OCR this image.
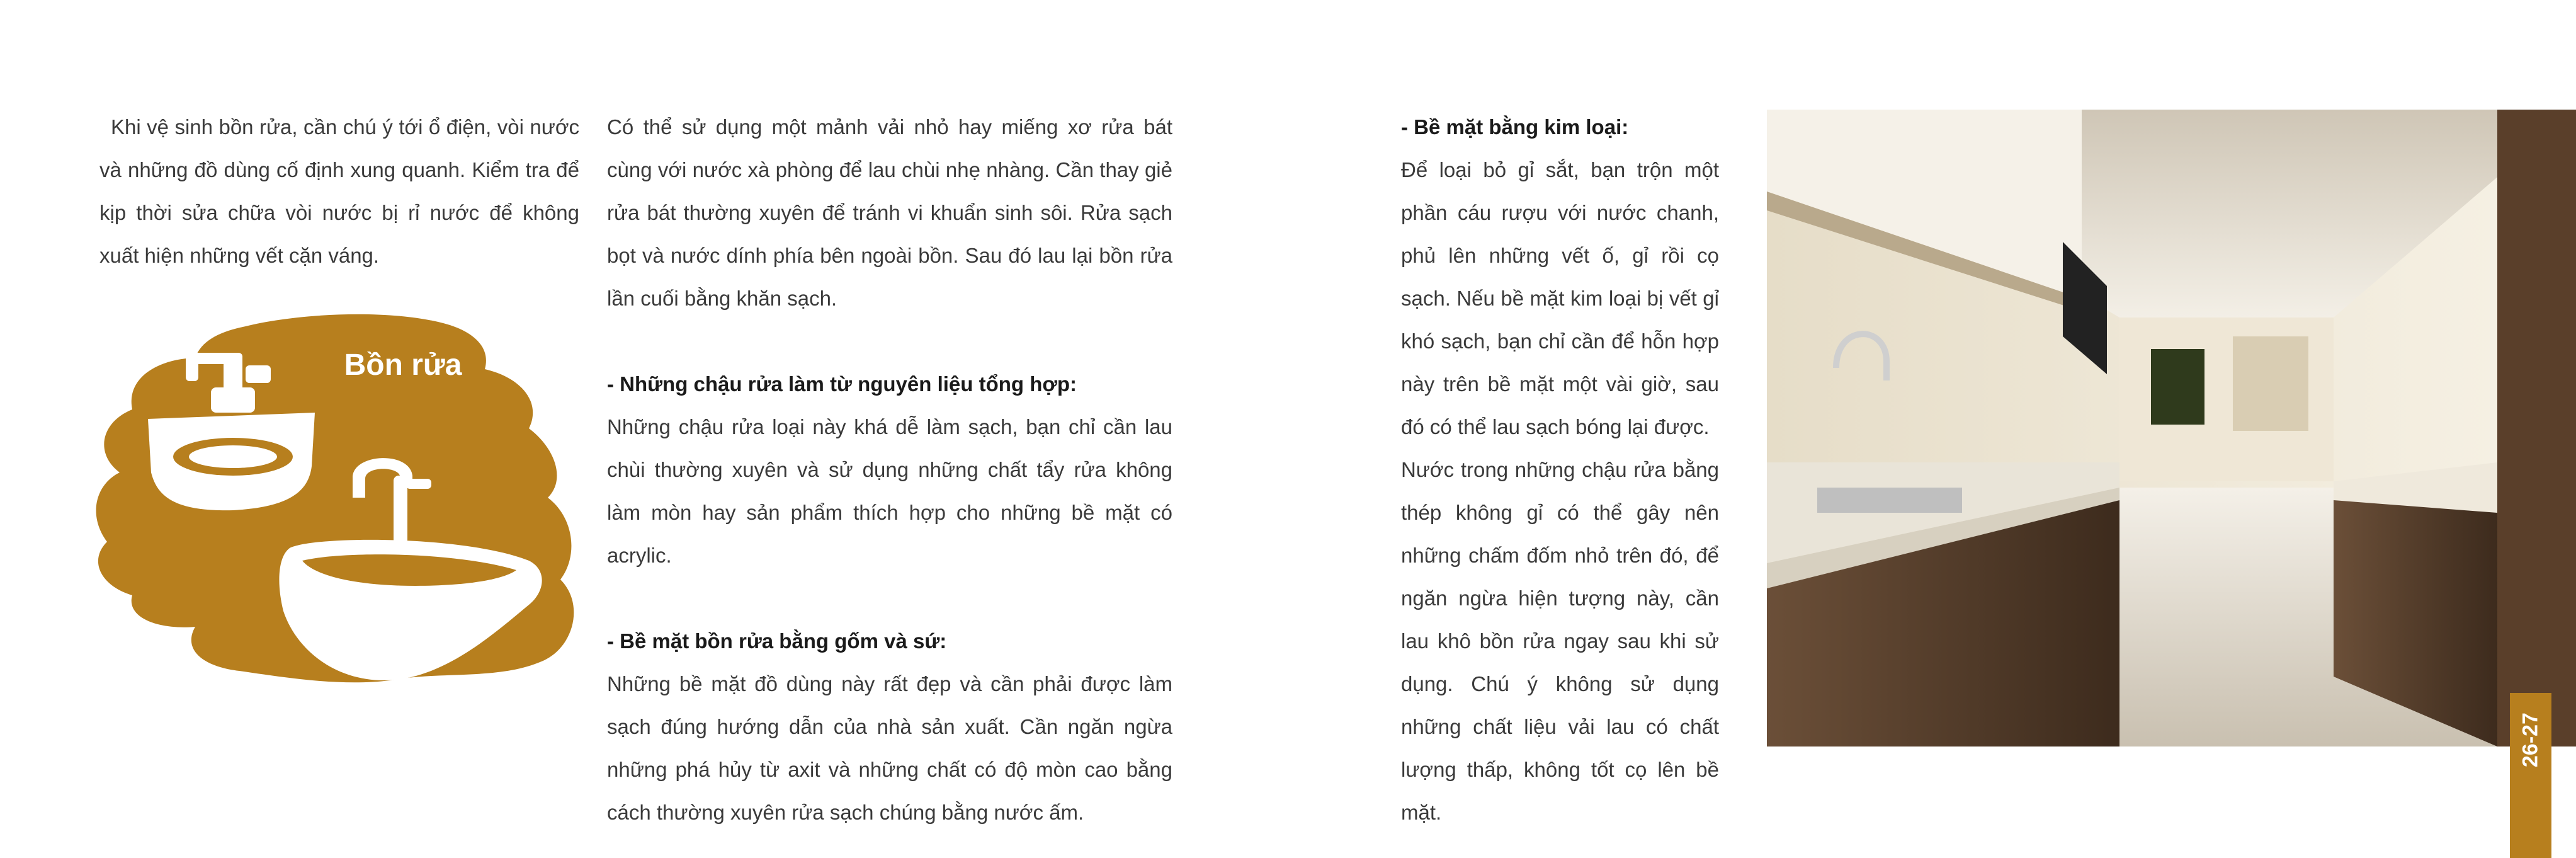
Khi vệ sinh bồn rửa, cần chú ý tới ổ điện, vòi nước và những đồ dùng cố định xung quanh. Kiểm tra để kịp thời sửa chữa vòi nước bị rỉ nước để không xuất hiện những vết cặn váng.

Bồn rửa

Có thể sử dụng một mảnh vải nhỏ hay miếng xơ rửa bát cùng với nước xà phòng để lau chùi nhẹ nhàng. Cần thay giẻ rửa bát thường xuyên để tránh vi khuẩn sinh sôi. Rửa sạch bọt và nước dính phía bên ngoài bồn. Sau đó lau lại bồn rửa lần cuối bằng khăn sạch.

- Những chậu rửa làm từ nguyên liệu tổng hợp:

Những chậu rửa loại này khá dễ làm sạch, bạn chỉ cần lau chùi thường xuyên và sử dụng những chất tẩy rửa không làm mòn hay sản phẩm thích hợp cho những bề mặt có acrylic.

- Bề mặt bồn rửa bằng gốm và sứ:

Những bề mặt đồ dùng này rất đẹp và cần phải được làm sạch đúng hướng dẫn của nhà sản xuất. Cần ngăn ngừa những phá hủy từ axit và những chất có độ mòn cao bằng cách thường xuyên rửa sạch chúng bằng nước ấm.

- Bề mặt bằng kim loại:

Để loại bỏ gỉ sắt, bạn trộn một phần cáu rượu với nước chanh, phủ lên những vết ố, gỉ rồi cọ sạch. Nếu bề mặt kim loại bị vết gỉ khó sạch, bạn chỉ cần để hỗn hợp này trên bề mặt một vài giờ, sau đó có thể lau sạch bóng lại được.

Nước trong những chậu rửa bằng thép không gỉ có thể gây nên những chấm đốm nhỏ trên đó, để ngăn ngừa hiện tượng này, cần lau khô bồn rửa ngay sau khi sử dụng. Chú ý không sử dụng những chất liệu vải lau có chất lượng thấp, không tốt cọ lên bề mặt.

26-27
